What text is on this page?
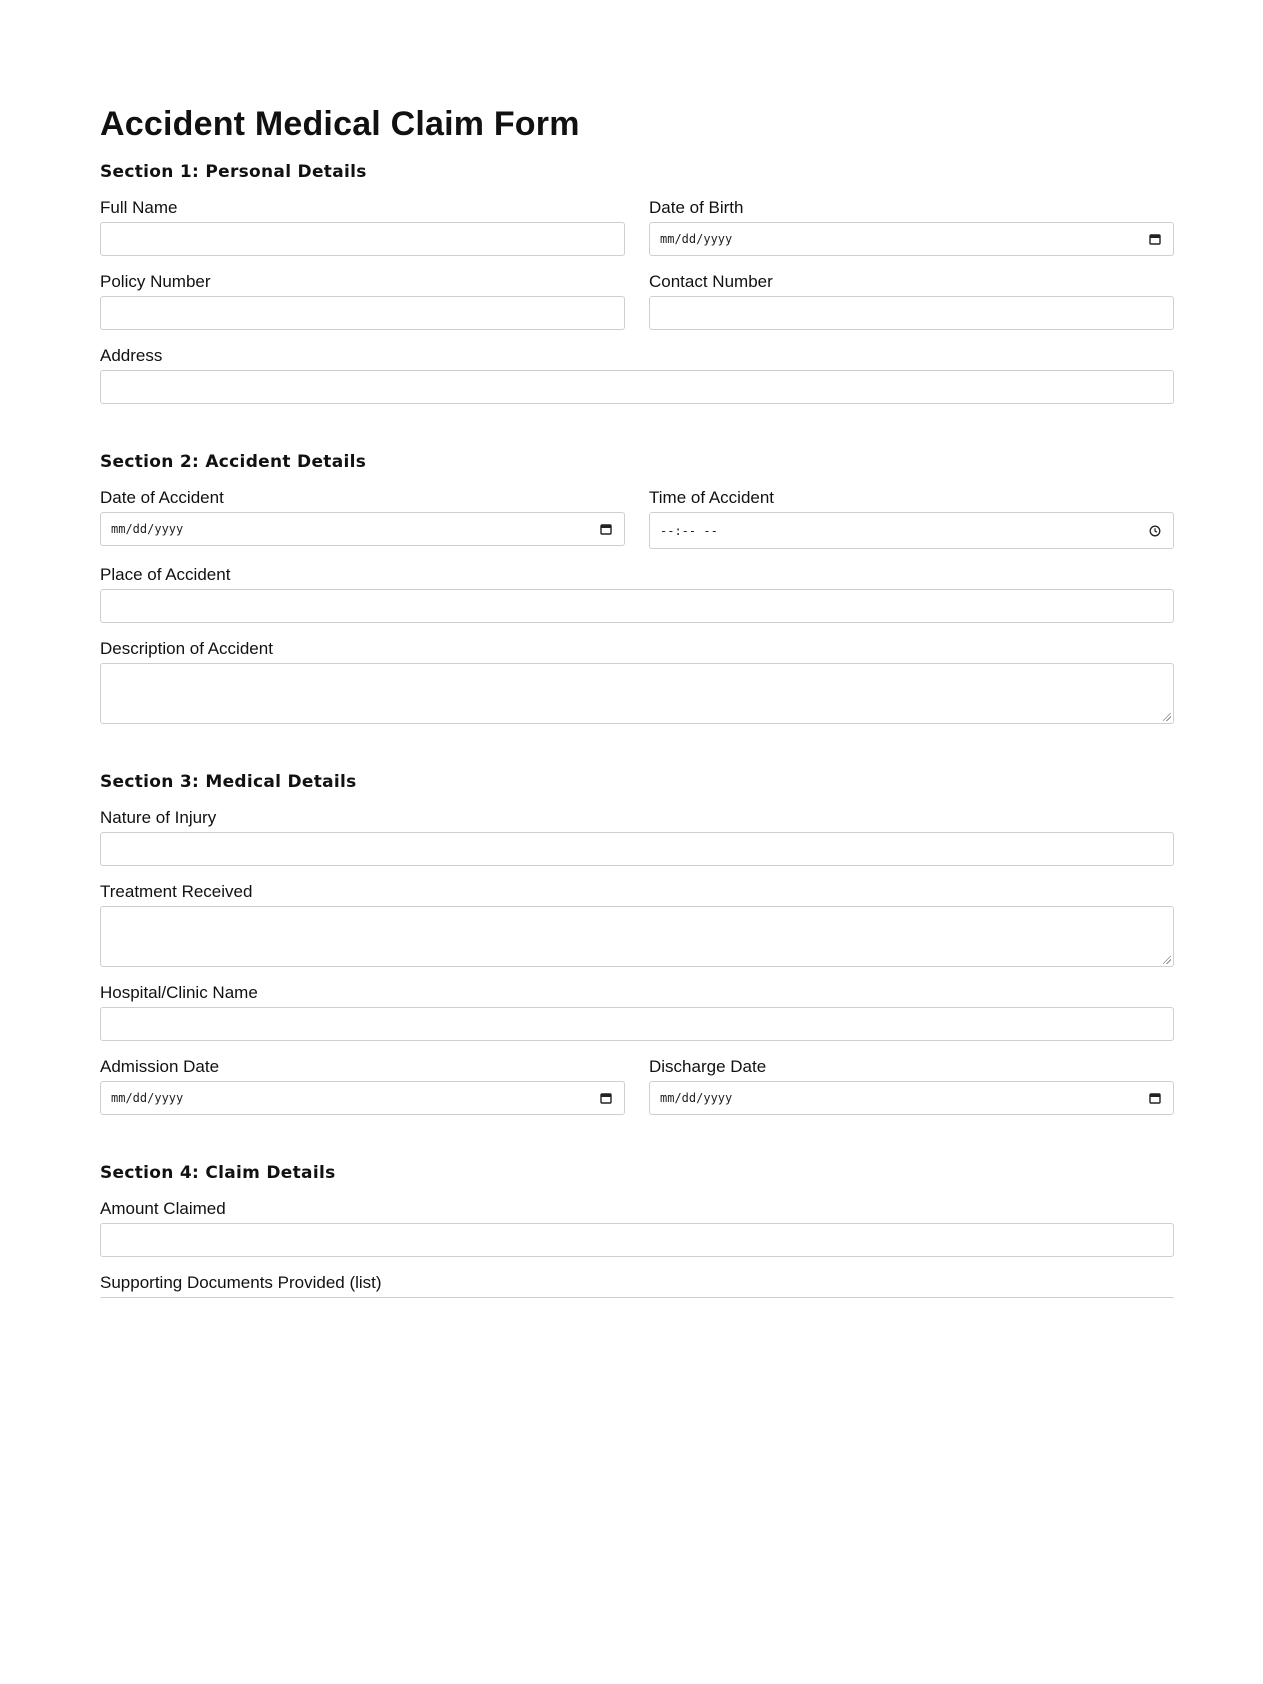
Accident Medical Claim Form
Section 1: Personal Details
Full Name	Date of Birth
mm/dd/yyyy
Policy Number	Contact Number
Address
Section 2: Accident Details
Date of Accident
mm/dd/yyyy
Time of Accident
--:-- --
Place of Accident
Description of Accident
Section 3: Medical Details
Nature of Injury
Treatment Received
Hospital/Clinic Name
Admission Date
mm/dd/yyyy
Discharge Date
mm/dd/yyyy
Section 4: Claim Details
Amount Claimed
Supporting Documents Provided (list)
